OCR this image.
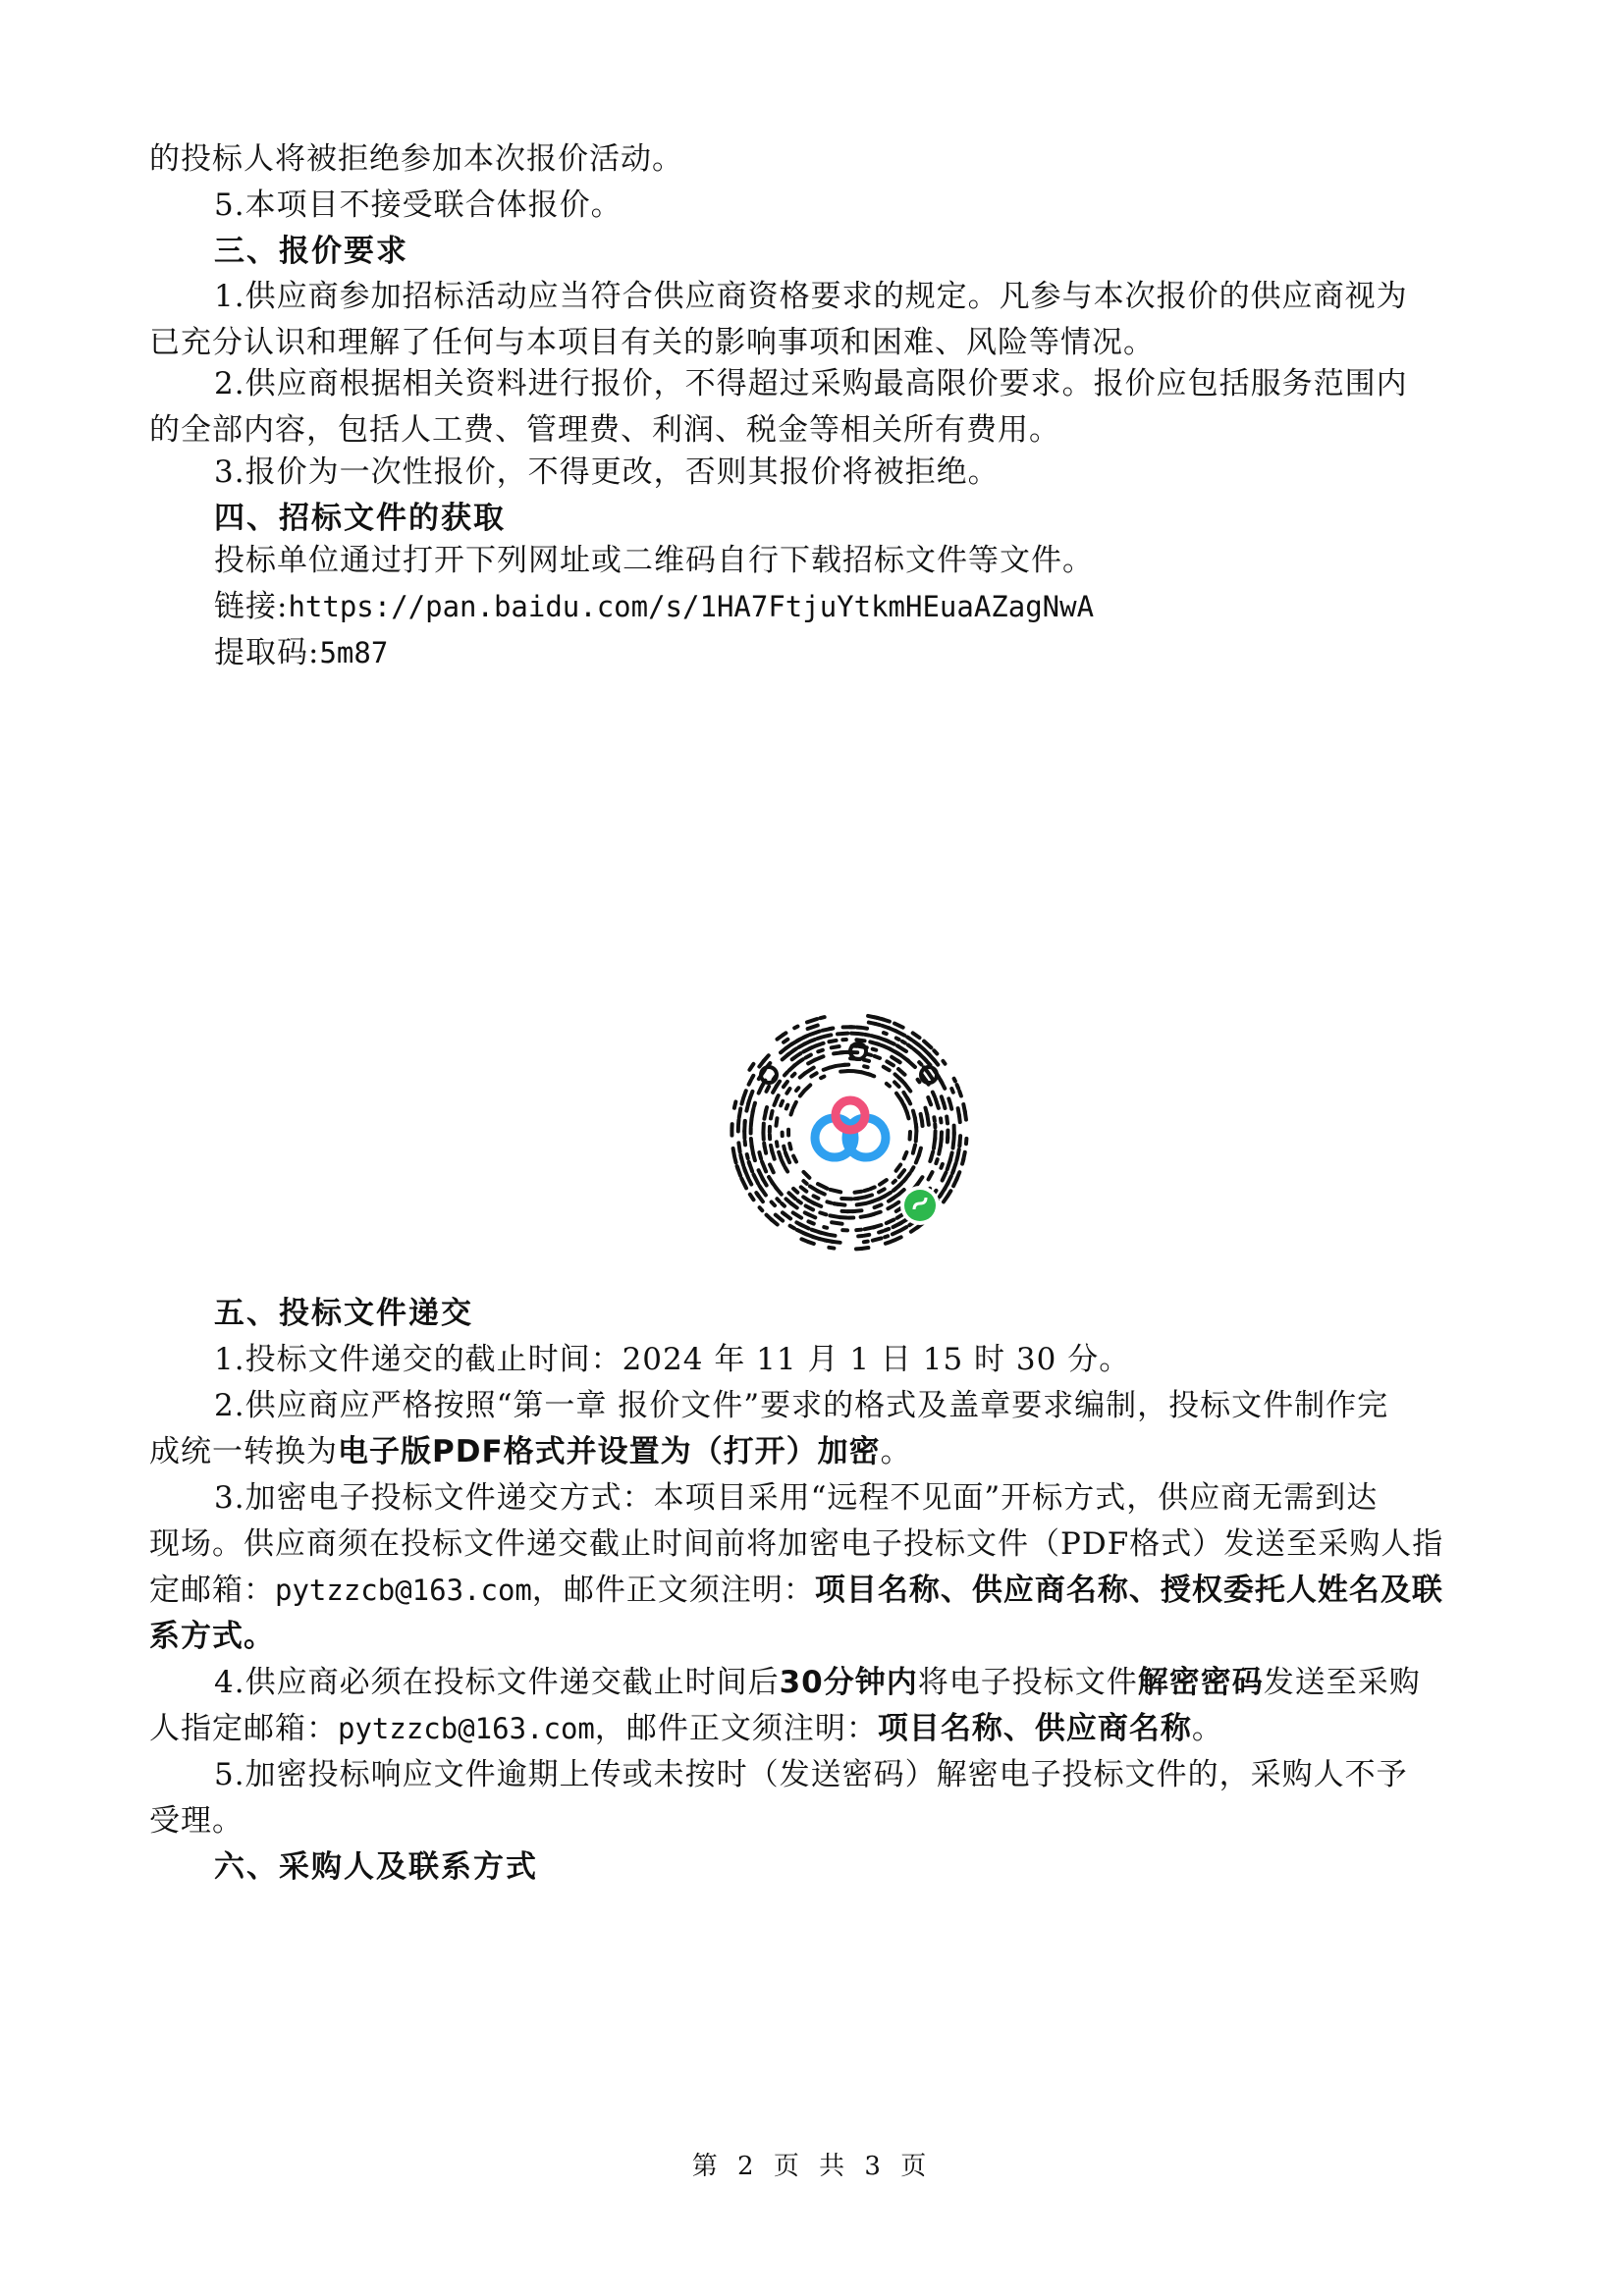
的投标人将被拒绝参加本次报价活动。
5.本项目不接受联合体报价。
三、报价要求
1.供应商参加招标活动应当符合供应商资格要求的规定。凡参与本次报价的供应商视为
已充分认识和理解了任何与本项目有关的影响事项和困难、风险等情况。
2.供应商根据相关资料进行报价，不得超过采购最高限价要求。报价应包括服务范围内
的全部内容，包括人工费、管理费、利润、税金等相关所有费用。
3.报价为一次性报价，不得更改，否则其报价将被拒绝。
四、招标文件的获取
投标单位通过打开下列网址或二维码自行下载招标文件等文件。
链接:https://pan.baidu.com/s/1HA7FtjuYtkmHEuaAZagNwA
提取码:5m87
五、投标文件递交
1.投标文件递交的截止时间：2024 年 11 月 1 日 15 时 30 分。
2.供应商应严格按照“第一章 报价文件”要求的格式及盖章要求编制，投标文件制作完
成统一转换为电子版PDF格式并设置为（打开）加密。
3.加密电子投标文件递交方式：本项目采用“远程不见面”开标方式，供应商无需到达
现场。供应商须在投标文件递交截止时间前将加密电子投标文件（PDF格式）发送至采购人指
定邮箱：pytzzcb@163.com，邮件正文须注明：项目名称、供应商名称、授权委托人姓名及联
系方式。
4.供应商必须在投标文件递交截止时间后30分钟内将电子投标文件解密密码发送至采购
人指定邮箱：pytzzcb@163.com，邮件正文须注明：项目名称、供应商名称。
5.加密投标响应文件逾期上传或未按时（发送密码）解密电子投标文件的，采购人不予
受理。
六、采购人及联系方式
第 2 页 共 3 页
